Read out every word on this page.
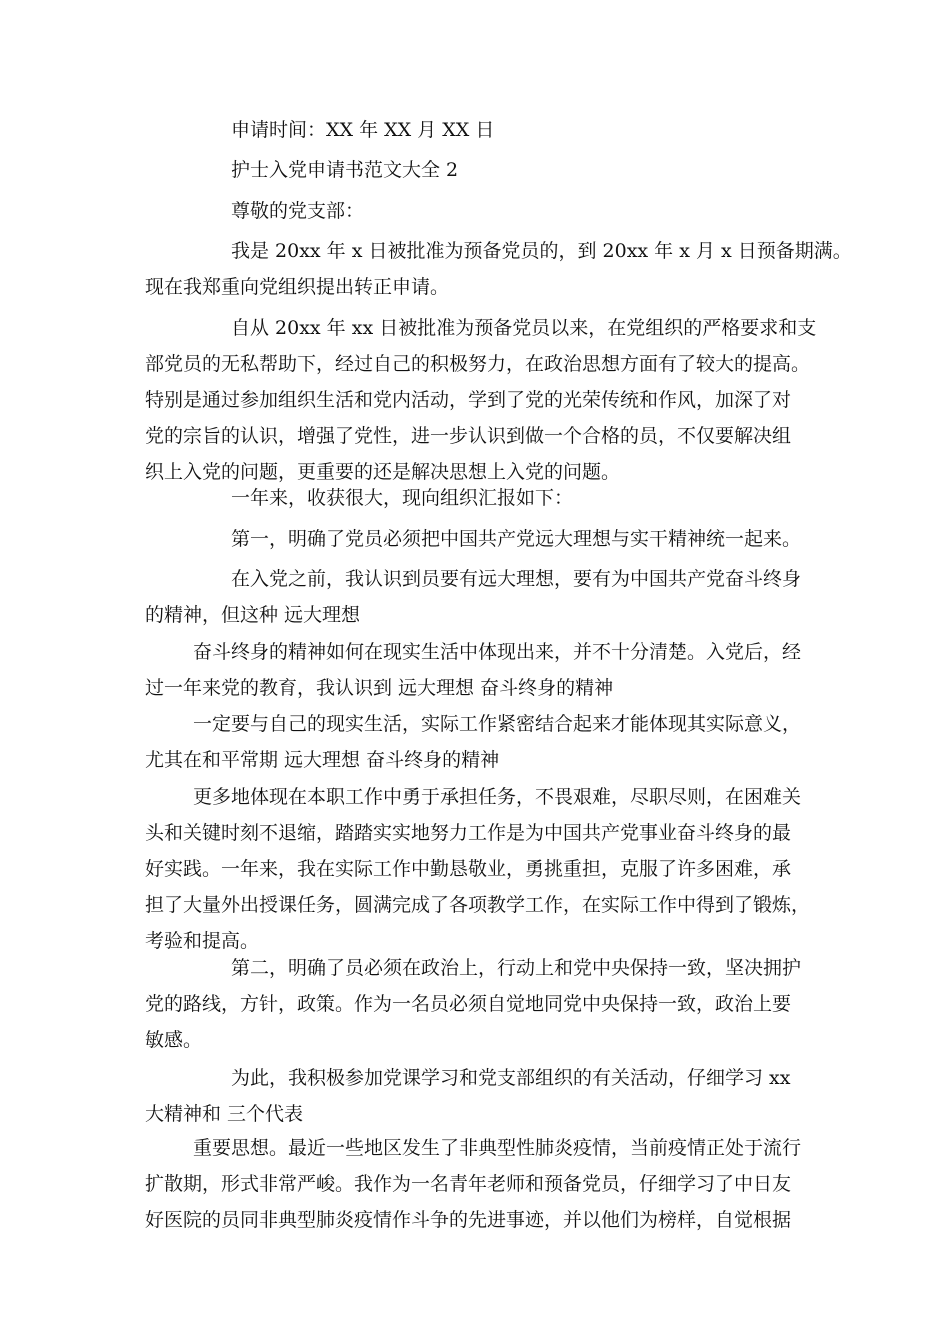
申请时间：XX 年 XX 月 XX 日

护士入党申请书范文大全 2

尊敬的党支部：

我是 20xx 年 x 日被批准为预备党员的，到 20xx 年 x 月 x 日预备期满。
现在我郑重向党组织提出转正申请。

自从 20xx 年 xx 日被批准为预备党员以来，在党组织的严格要求和支
部党员的无私帮助下，经过自己的积极努力，在政治思想方面有了较大的提高。
特别是通过参加组织生活和党内活动，学到了党的光荣传统和作风，加深了对
党的宗旨的认识，增强了党性，进一步认识到做一个合格的员，不仅要解决组
织上入党的问题，更重要的还是解决思想上入党的问题。

一年来，收获很大，现向组织汇报如下：

第一，明确了党员必须把中国共产党远大理想与实干精神统一起来。

在入党之前，我认识到员要有远大理想，要有为中国共产党奋斗终身
的精神，但这种 远大理想

奋斗终身的精神如何在现实生活中体现出来，并不十分清楚。入党后，经
过一年来党的教育，我认识到 远大理想 奋斗终身的精神

一定要与自己的现实生活，实际工作紧密结合起来才能体现其实际意义，
尤其在和平常期 远大理想 奋斗终身的精神

更多地体现在本职工作中勇于承担任务，不畏艰难，尽职尽则，在困难关
头和关键时刻不退缩，踏踏实实地努力工作是为中国共产党事业奋斗终身的最
好实践。一年来，我在实际工作中勤恳敬业，勇挑重担，克服了许多困难，承
担了大量外出授课任务，圆满完成了各项教学工作，在实际工作中得到了锻炼，
考验和提高。

第二，明确了员必须在政治上，行动上和党中央保持一致，坚决拥护
党的路线，方针，政策。作为一名员必须自觉地同党中央保持一致，政治上要
敏感。

为此，我积极参加党课学习和党支部组织的有关活动，仔细学习 xx
大精神和 三个代表

重要思想。最近一些地区发生了非典型性肺炎疫情，当前疫情正处于流行
扩散期，形式非常严峻。我作为一名青年老师和预备党员，仔细学习了中日友
好医院的员同非典型肺炎疫情作斗争的先进事迹，并以他们为榜样，自觉根据
